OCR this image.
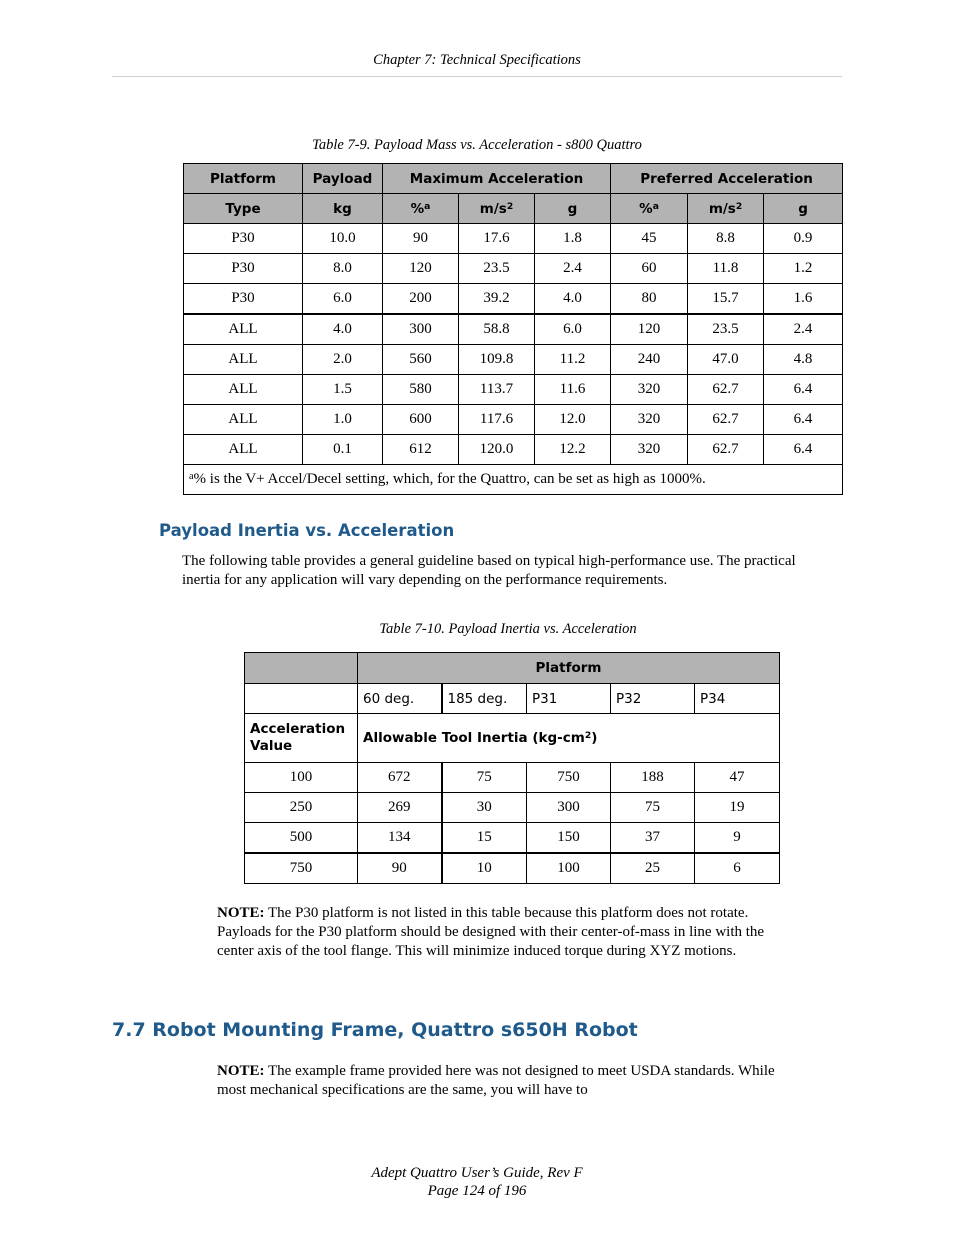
Chapter 7: Technical Specifications
Table 7-9. Payload Mass vs. Acceleration - s800 Quattro
Platform	Payload	Maximum Acceleration			Preferred Acceleration		
Type	kg	%$^a$	$m/s^2$	g	%$^a$	$m/s^2$	g
P30	10.0	90	17.6	1.8	45	8.8	0.9
P30	8.0	120	23.5	2.4	60	11.8	1.2
P30	6.0	200	39.2	4.0	80	15.7	1.6
ALL	4.0	300	58.8	6.0	120	23.5	2.4
ALL	2.0	560	109.8	11.2	240	47.0	4.8
ALL	1.5	580	113.7	11.6	320	62.7	6.4
ALL	1.0	600	117.6	12.0	320	62.7	6.4
ALL	0.1	612	120.0	12.2	320	62.7	6.4
$^a$% is the V+ Accel/Decel setting, which, for the Quattro, can be set as high as 1000%.							
Payload Inertia vs. Acceleration
The following table provides a general guideline based on typical high-performance use. The practical inertia for any application will vary depending on the performance requirements.
Table 7-10. Payload Inertia vs. Acceleration
	Platform				
	60 deg.	185 deg.	P31	P32	P34
Acceleration Value	Allowable Tool Inertia $(kg-cm^2)$				
100	672	75	750	188	47
250	269	30	300	75	19
500	134	15	150	37	9
750	90	10	100	25	6
NOTE: The P30 platform is not listed in this table because this platform does not rotate. Payloads for the P30 platform should be designed with their center-of-mass in line with the center axis of the tool flange. This will minimize induced torque during XYZ motions.
7.7 Robot Mounting Frame, Quattro s650H Robot
NOTE: The example frame provided here was not designed to meet USDA standards. While most mechanical specifications are the same, you will have to
Adept Quattro User’s Guide, Rev F
Page 124 of 196
